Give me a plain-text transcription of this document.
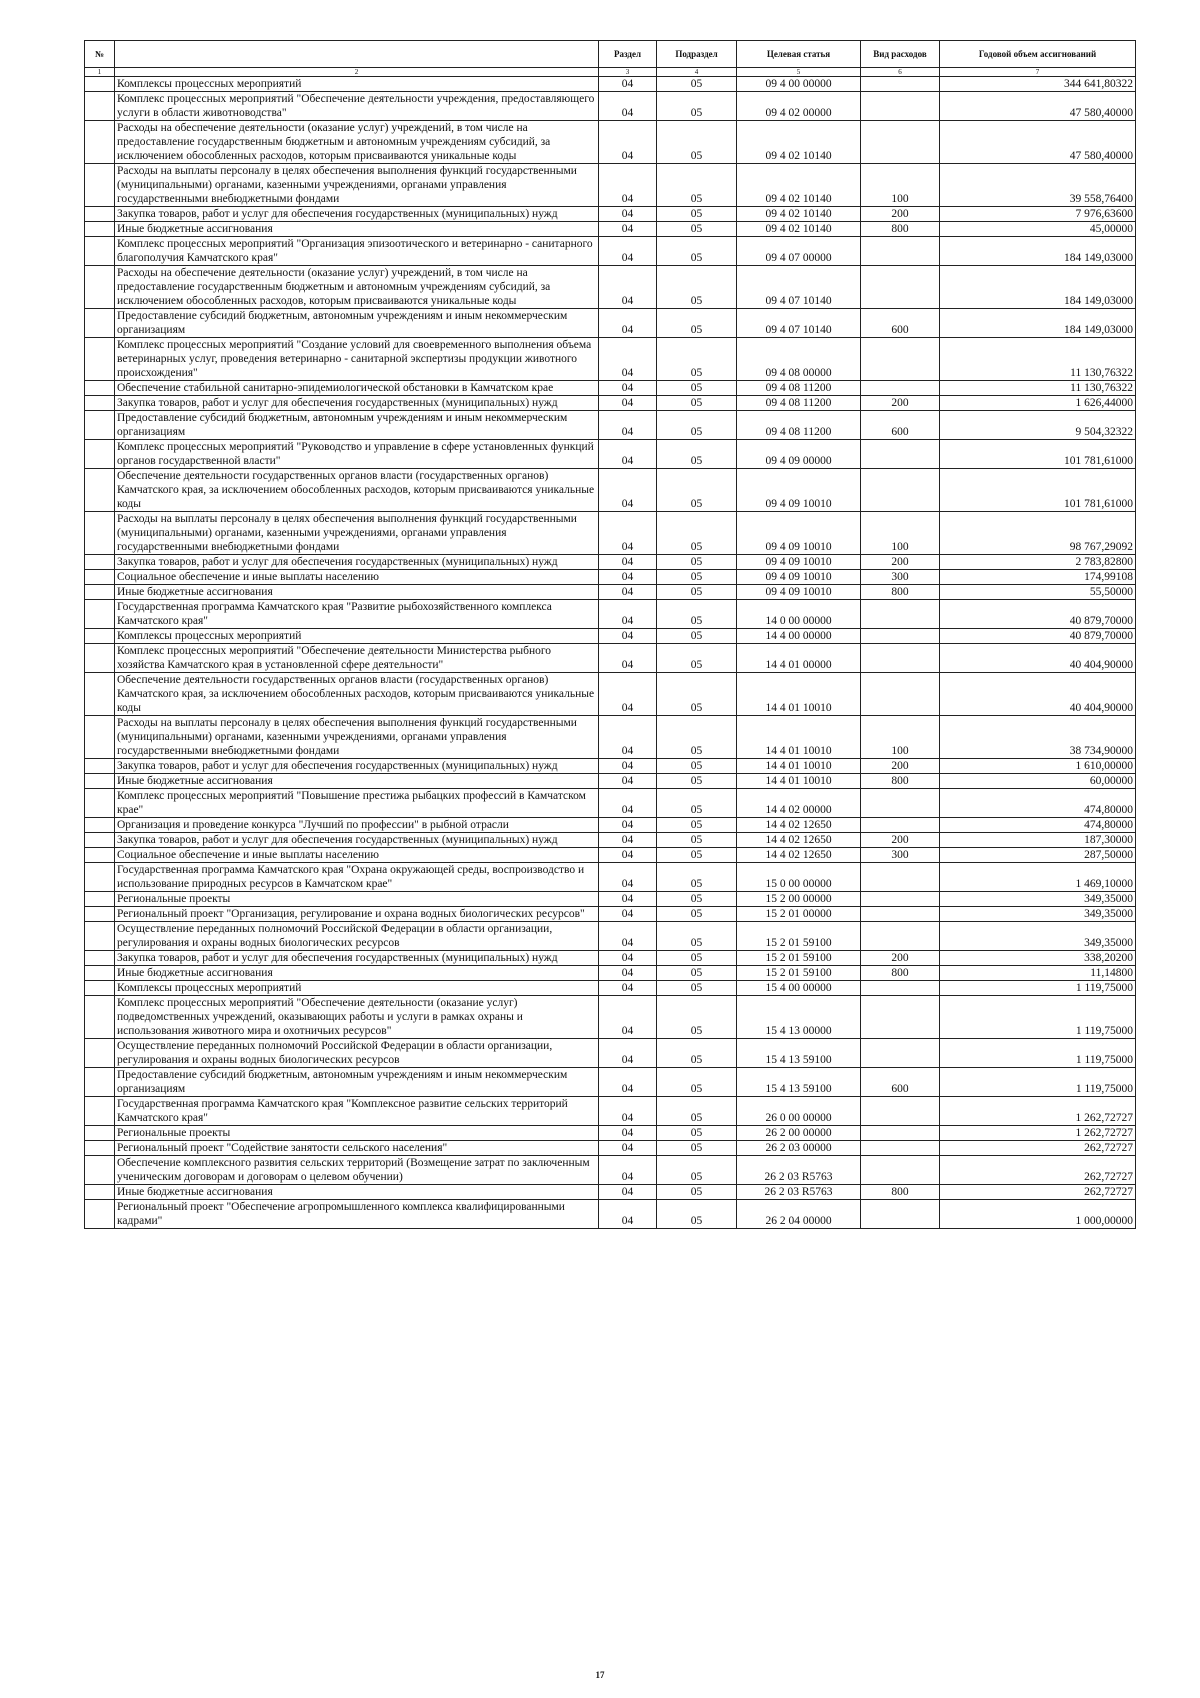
№		Раздел	Подраздел	Целевая статья	Вид расходов	Годовой объем ассигнований
1	2	3	4	5	6	7
	Комплексы процессных мероприятий	04	05	09 4 00 00000		344 641,80322
	Комплекс процессных мероприятий "Обеспечение деятельности учреждения, предоставляющего услуги в области животноводства"	04	05	09 4 02 00000		47 580,40000
	Расходы на обеспечение деятельности (оказание услуг) учреждений, в том числе на предоставление государственным бюджетным и автономным учреждениям субсидий, за исключением обособленных расходов, которым присваиваются уникальные коды	04	05	09 4 02 10140		47 580,40000
	Расходы на выплаты персоналу в целях обеспечения выполнения функций государственными (муниципальными) органами, казенными учреждениями, органами управления государственными внебюджетными фондами	04	05	09 4 02 10140	100	39 558,76400
	Закупка товаров, работ и услуг для обеспечения государственных (муниципальных) нужд	04	05	09 4 02 10140	200	7 976,63600
	Иные бюджетные ассигнования	04	05	09 4 02 10140	800	45,00000
	Комплекс процессных мероприятий "Организация эпизоотического и ветеринарно - санитарного благополучия Камчатского края"	04	05	09 4 07 00000		184 149,03000
	Расходы на обеспечение деятельности (оказание услуг) учреждений, в том числе на предоставление государственным бюджетным и автономным учреждениям субсидий, за исключением обособленных расходов, которым присваиваются уникальные коды	04	05	09 4 07 10140		184 149,03000
	Предоставление субсидий бюджетным, автономным учреждениям и иным некоммерческим организациям	04	05	09 4 07 10140	600	184 149,03000
	Комплекс процессных мероприятий "Создание условий для своевременного выполнения объема ветеринарных услуг, проведения ветеринарно - санитарной экспертизы продукции животного происхождения"	04	05	09 4 08 00000		11 130,76322
	Обеспечение стабильной санитарно-эпидемиологической обстановки в Камчатском крае	04	05	09 4 08 11200		11 130,76322
	Закупка товаров, работ и услуг для обеспечения государственных (муниципальных) нужд	04	05	09 4 08 11200	200	1 626,44000
	Предоставление субсидий бюджетным, автономным учреждениям и иным некоммерческим организациям	04	05	09 4 08 11200	600	9 504,32322
	Комплекс процессных мероприятий "Руководство и управление в сфере установленных функций органов государственной власти"	04	05	09 4 09 00000		101 781,61000
	Обеспечение деятельности государственных органов власти (государственных органов) Камчатского края, за исключением обособленных расходов, которым присваиваются уникальные коды	04	05	09 4 09 10010		101 781,61000
	Расходы на выплаты персоналу в целях обеспечения выполнения функций государственными (муниципальными) органами, казенными учреждениями, органами управления государственными внебюджетными фондами	04	05	09 4 09 10010	100	98 767,29092
	Закупка товаров, работ и услуг для обеспечения государственных (муниципальных) нужд	04	05	09 4 09 10010	200	2 783,82800
	Социальное обеспечение и иные выплаты населению	04	05	09 4 09 10010	300	174,99108
	Иные бюджетные ассигнования	04	05	09 4 09 10010	800	55,50000
	Государственная программа Камчатского края "Развитие рыбохозяйственного комплекса Камчатского края"	04	05	14 0 00 00000		40 879,70000
	Комплексы процессных мероприятий	04	05	14 4 00 00000		40 879,70000
	Комплекс процессных мероприятий "Обеспечение деятельности Министерства рыбного хозяйства Камчатского края в установленной сфере деятельности"	04	05	14 4 01 00000		40 404,90000
	Обеспечение деятельности государственных органов власти (государственных органов) Камчатского края, за исключением обособленных расходов, которым присваиваются уникальные коды	04	05	14 4 01 10010		40 404,90000
	Расходы на выплаты персоналу в целях обеспечения выполнения функций государственными (муниципальными) органами, казенными учреждениями, органами управления государственными внебюджетными фондами	04	05	14 4 01 10010	100	38 734,90000
	Закупка товаров, работ и услуг для обеспечения государственных (муниципальных) нужд	04	05	14 4 01 10010	200	1 610,00000
	Иные бюджетные ассигнования	04	05	14 4 01 10010	800	60,00000
	Комплекс процессных мероприятий "Повышение престижа рыбацких профессий в Камчатском крае"	04	05	14 4 02 00000		474,80000
	Организация и проведение конкурса "Лучший по профессии" в рыбной отрасли	04	05	14 4 02 12650		474,80000
	Закупка товаров, работ и услуг для обеспечения государственных (муниципальных) нужд	04	05	14 4 02 12650	200	187,30000
	Социальное обеспечение и иные выплаты населению	04	05	14 4 02 12650	300	287,50000
	Государственная программа Камчатского края "Охрана окружающей среды, воспроизводство и использование природных ресурсов в Камчатском крае"	04	05	15 0 00 00000		1 469,10000
	Региональные проекты	04	05	15 2 00 00000		349,35000
	Региональный проект "Организация, регулирование и охрана водных биологических ресурсов"	04	05	15 2 01 00000		349,35000
	Осуществление переданных полномочий Российской Федерации в области организации, регулирования и охраны водных биологических ресурсов	04	05	15 2 01 59100		349,35000
	Закупка товаров, работ и услуг для обеспечения государственных (муниципальных) нужд	04	05	15 2 01 59100	200	338,20200
	Иные бюджетные ассигнования	04	05	15 2 01 59100	800	11,14800
	Комплексы процессных мероприятий	04	05	15 4 00 00000		1 119,75000
	Комплекс процессных мероприятий "Обеспечение деятельности (оказание услуг) подведомственных учреждений, оказывающих работы и услуги в рамках охраны и использования животного мира и охотничьих ресурсов"	04	05	15 4 13 00000		1 119,75000
	Осуществление переданных полномочий Российской Федерации в области организации, регулирования и охраны водных биологических ресурсов	04	05	15 4 13 59100		1 119,75000
	Предоставление субсидий бюджетным, автономным учреждениям и иным некоммерческим организациям	04	05	15 4 13 59100	600	1 119,75000
	Государственная программа Камчатского края "Комплексное развитие сельских территорий Камчатского края"	04	05	26 0 00 00000		1 262,72727
	Региональные проекты	04	05	26 2 00 00000		1 262,72727
	Региональный проект "Содействие занятости сельского населения"	04	05	26 2 03 00000		262,72727
	Обеспечение комплексного развития сельских территорий (Возмещение затрат по заключенным ученическим договорам и договорам о целевом обучении)	04	05	26 2 03 R5763		262,72727
	Иные бюджетные ассигнования	04	05	26 2 03 R5763	800	262,72727
	Региональный проект "Обеспечение агропромышленного комплекса квалифицированными кадрами"	04	05	26 2 04 00000		1 000,00000
17
